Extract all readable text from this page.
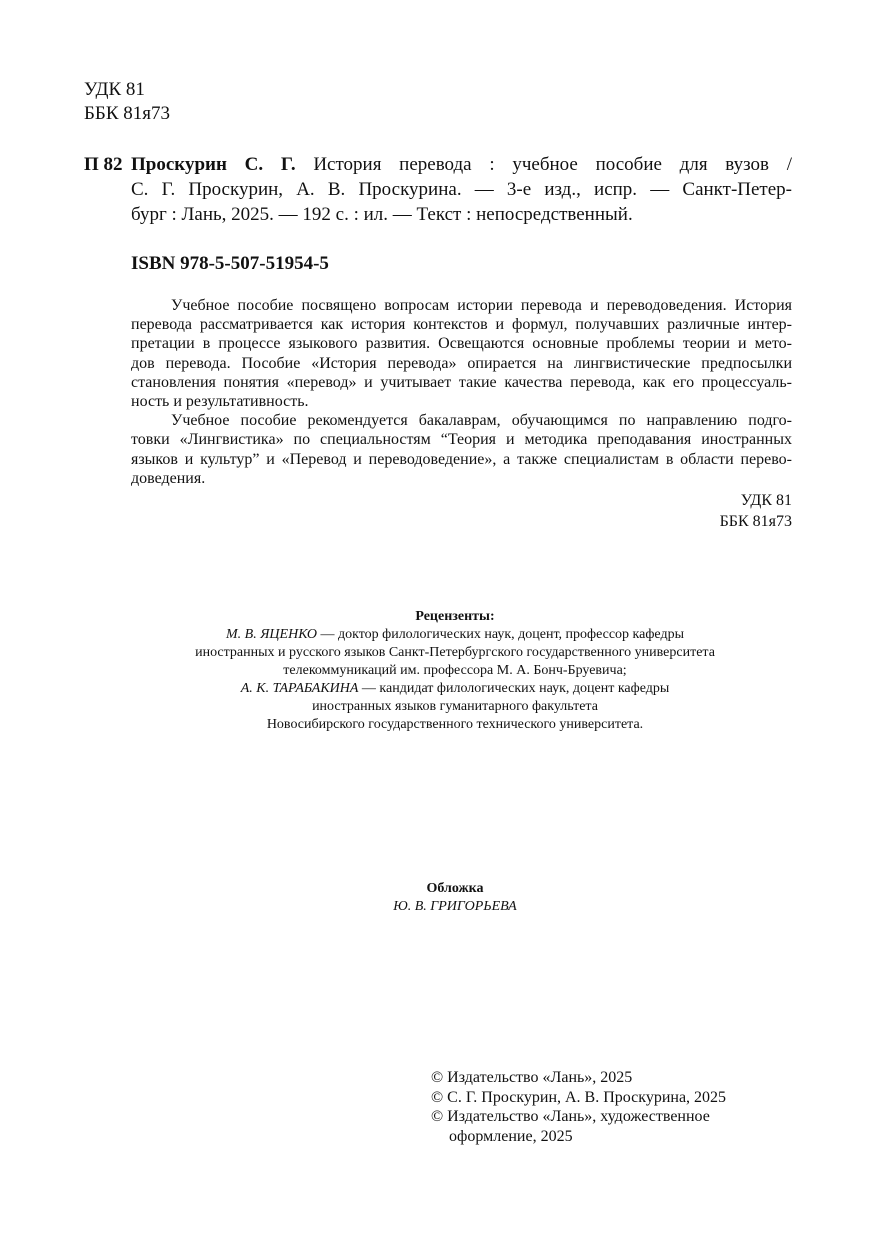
УДК 81
ББК 81я73
П 82 Проскурин С. Г. История перевода : учебное пособие для вузов /
С. Г. Проскурин, А. В. Проскурина. — 3-е изд., испр. — Санкт-Петер-
бург : Лань, 2025. — 192 с. : ил. — Текст : непосредственный.
ISBN 978-5-507-51954-5
Учебное пособие посвящено вопросам истории перевода и переводоведения. История
перевода рассматривается как история контекстов и формул, получавших различные интер-
претации в процессе языкового развития. Освещаются основные проблемы теории и мето-
дов перевода. Пособие «История перевода» опирается на лингвистические предпосылки
становления понятия «перевод» и учитывает такие качества перевода, как его процессуаль-
ность и результативность.
Учебное пособие рекомендуется бакалаврам, обучающимся по направлению подго-
товки «Лингвистика» по специальностям “Теория и методика преподавания иностранных
языков и культур” и «Перевод и переводоведение», а также специалистам в области перево-
доведения.
УДК 81
ББК 81я73
Рецензенты:
М. В. ЯЦЕНКО — доктор филологических наук, доцент, профессор кафедры
иностранных и русского языков Санкт-Петербургского государственного университета
телекоммуникаций им. профессора М. А. Бонч-Бруевича;
А. К. ТАРАБАКИНА — кандидат филологических наук, доцент кафедры
иностранных языков гуманитарного факультета
Новосибирского государственного технического университета.
Обложка
Ю. В. ГРИГОРЬЕВА
© Издательство «Лань», 2025
© С. Г. Проскурин, А. В. Проскурина, 2025
© Издательство «Лань», художественное
оформление, 2025
